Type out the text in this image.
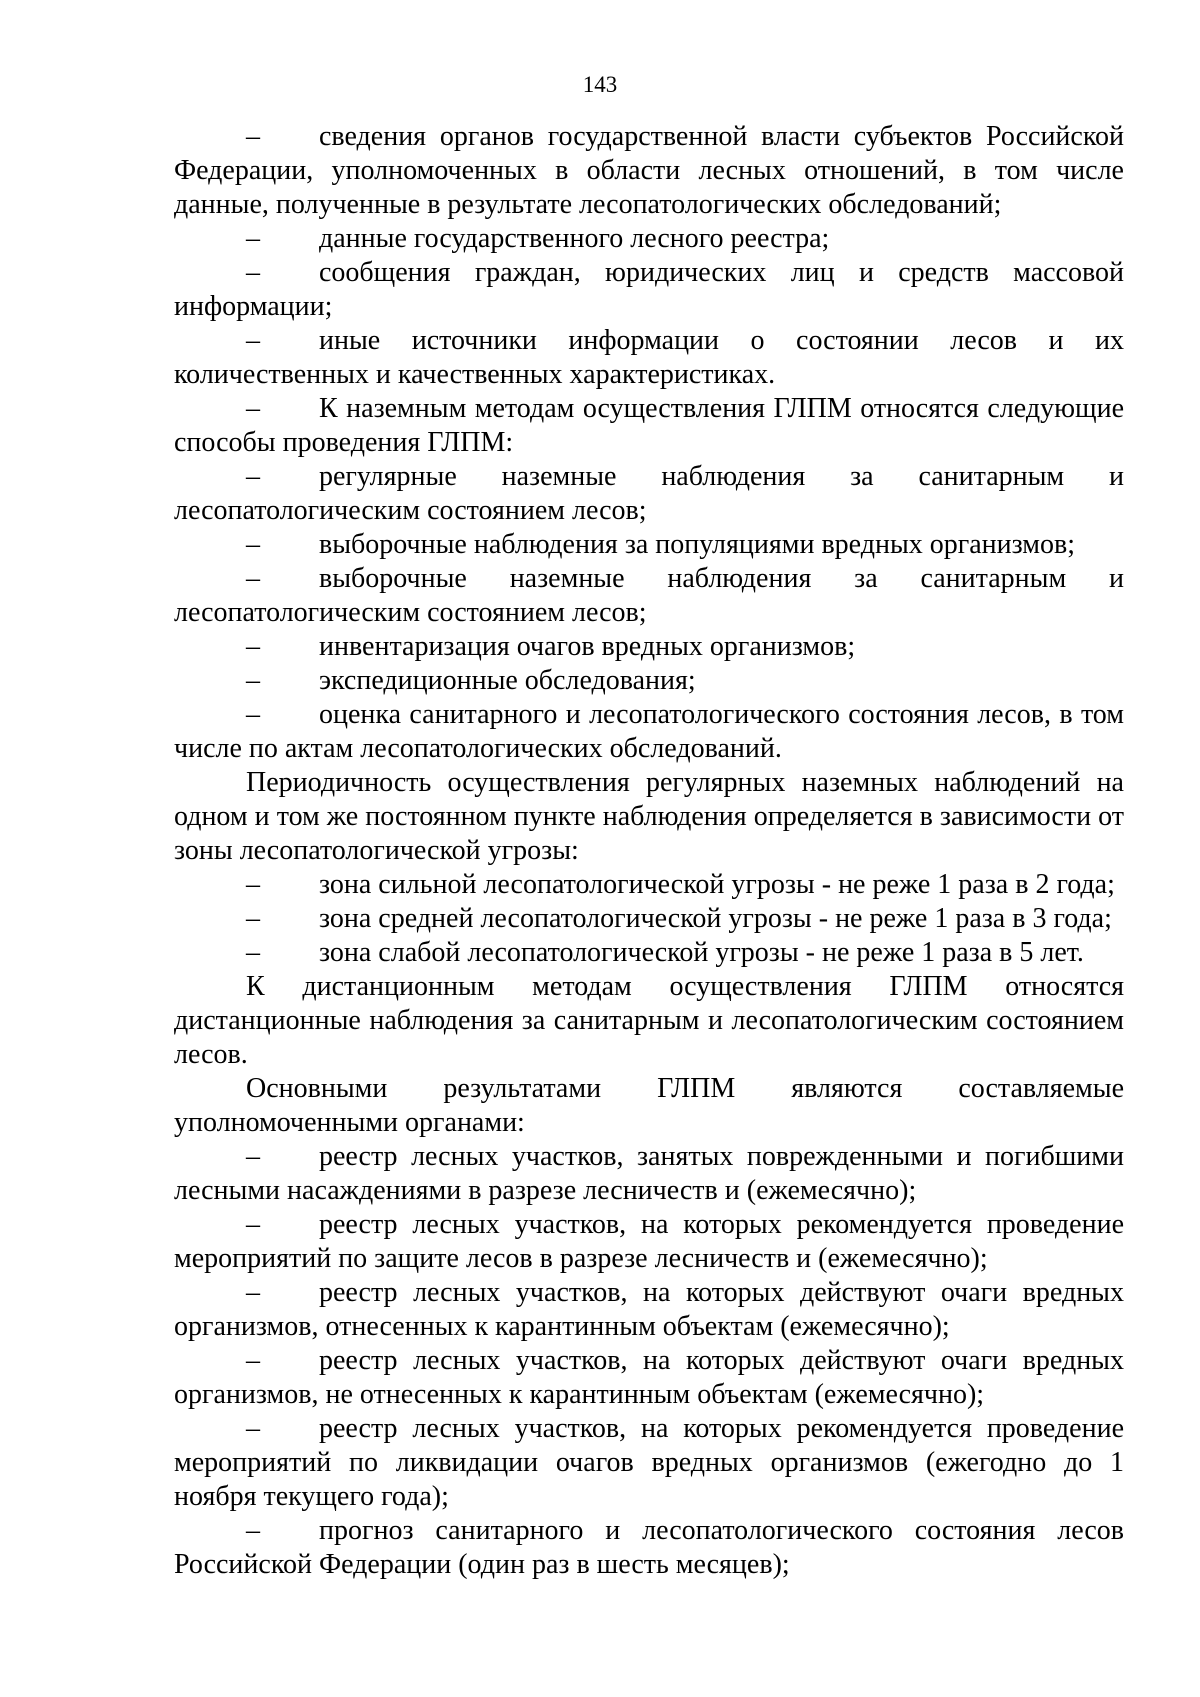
143

– сведения органов государственной власти субъектов Российской Федерации, уполномоченных в области лесных отношений, в том числе данные, полученные в результате лесопатологических обследований;

– данные государственного лесного реестра;

– сообщения граждан, юридических лиц и средств массовой информации;

– иные источники информации о состоянии лесов и их количественных и качественных характеристиках.

– К наземным методам осуществления ГЛПМ относятся следующие способы проведения ГЛПМ:

– регулярные наземные наблюдения за санитарным и лесопатологическим состоянием лесов;

– выборочные наблюдения за популяциями вредных организмов;

– выборочные наземные наблюдения за санитарным и лесопатологическим состоянием лесов;

– инвентаризация очагов вредных организмов;

– экспедиционные обследования;

– оценка санитарного и лесопатологического состояния лесов, в том числе по актам лесопатологических обследований.

Периодичность осуществления регулярных наземных наблюдений на одном и том же постоянном пункте наблюдения определяется в зависимости от зоны лесопатологической угрозы:

– зона сильной лесопатологической угрозы - не реже 1 раза в 2 года;

– зона средней лесопатологической угрозы - не реже 1 раза в 3 года;

– зона слабой лесопатологической угрозы - не реже 1 раза в 5 лет.

К дистанционным методам осуществления ГЛПМ относятся дистанционные наблюдения за санитарным и лесопатологическим состоянием лесов.

Основными результатами ГЛПМ являются составляемые уполномоченными органами:

– реестр лесных участков, занятых поврежденными и погибшими лесными насаждениями в разрезе лесничеств и (ежемесячно);

– реестр лесных участков, на которых рекомендуется проведение мероприятий по защите лесов в разрезе лесничеств и (ежемесячно);

– реестр лесных участков, на которых действуют очаги вредных организмов, отнесенных к карантинным объектам (ежемесячно);

– реестр лесных участков, на которых действуют очаги вредных организмов, не отнесенных к карантинным объектам (ежемесячно);

– реестр лесных участков, на которых рекомендуется проведение мероприятий по ликвидации очагов вредных организмов (ежегодно до 1 ноября текущего года);

– прогноз санитарного и лесопатологического состояния лесов Российской Федерации (один раз в шесть месяцев);
